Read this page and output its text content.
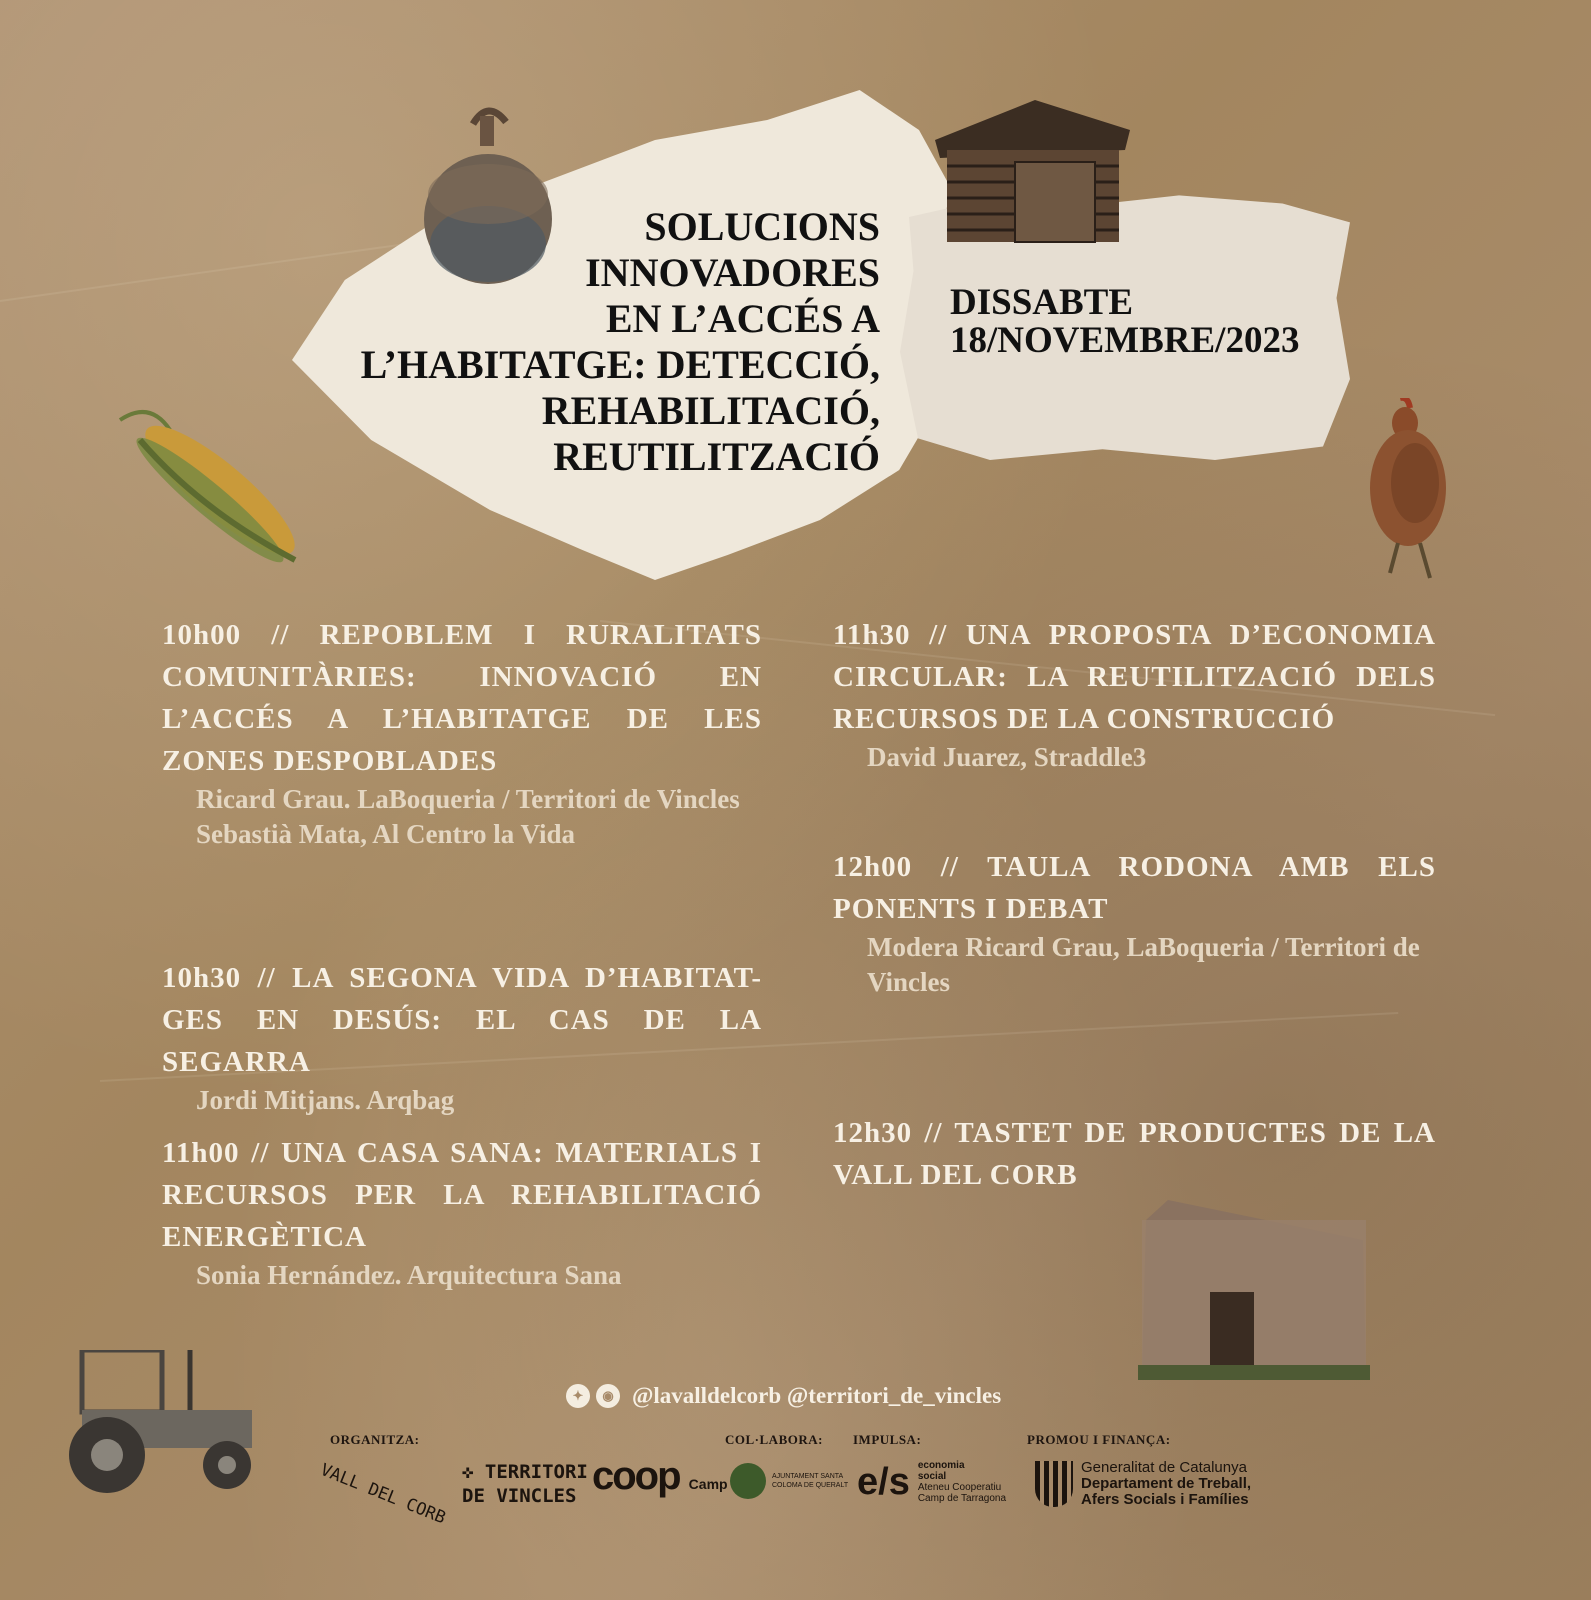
SOLUCIONS
INNOVADORES
EN L’ACCÉS A
L’HABITATGE: DETECCIÓ,
REHABILITACIÓ,
REUTILITZACIÓ
DISSABTE
18/NOVEMBRE/2023
10h00 // REPOBLEM I RURALITATS COMUNITÀRIES: INNOVACIÓ EN L’ACCÉS A L’HABITATGE DE LES ZONES DESPOBLADES
Ricard Grau. LaBoqueria / Territori de Vincles
Sebastià Mata, Al Centro la Vida
10h30 // LA SEGONA VIDA D’HABITAT-GES EN DESÚS: EL CAS DE LA SEGARRA
Jordi Mitjans. Arqbag
11h00 // UNA CASA SANA: MATERIALS I RECURSOS PER LA REHABILITACIÓ ENERGÈTICA
Sonia Hernández. Arquitectura Sana
11h30 // UNA PROPOSTA D’ECONOMIA CIRCULAR: LA REUTILITZACIÓ DELS RECURSOS DE LA CONSTRUCCIÓ
David Juarez, Straddle3
12h00 // TAULA RODONA AMB ELS PONENTS I DEBAT
Modera Ricard Grau, LaBoqueria / Territori de Vincles
12h30 // TASTET DE PRODUCTES DE LA VALL DEL CORB
✦	◉ @lavalldelcorb @territori_de_vincles
ORGANITZA:	COL·LABORA: IMPULSA:	PROMOU I FINANÇA:
VALL DEL CORB ✜ TERRITORI
DE VINCLES coop Camp	AJUNTAMENT SANTA
COLOMA DE QUERALT e/s economia
social
Ateneu Cooperatiu
Camp de Tarragona
Generalitat de Catalunya
Departament de Treball,
Afers Socials i Famílies
